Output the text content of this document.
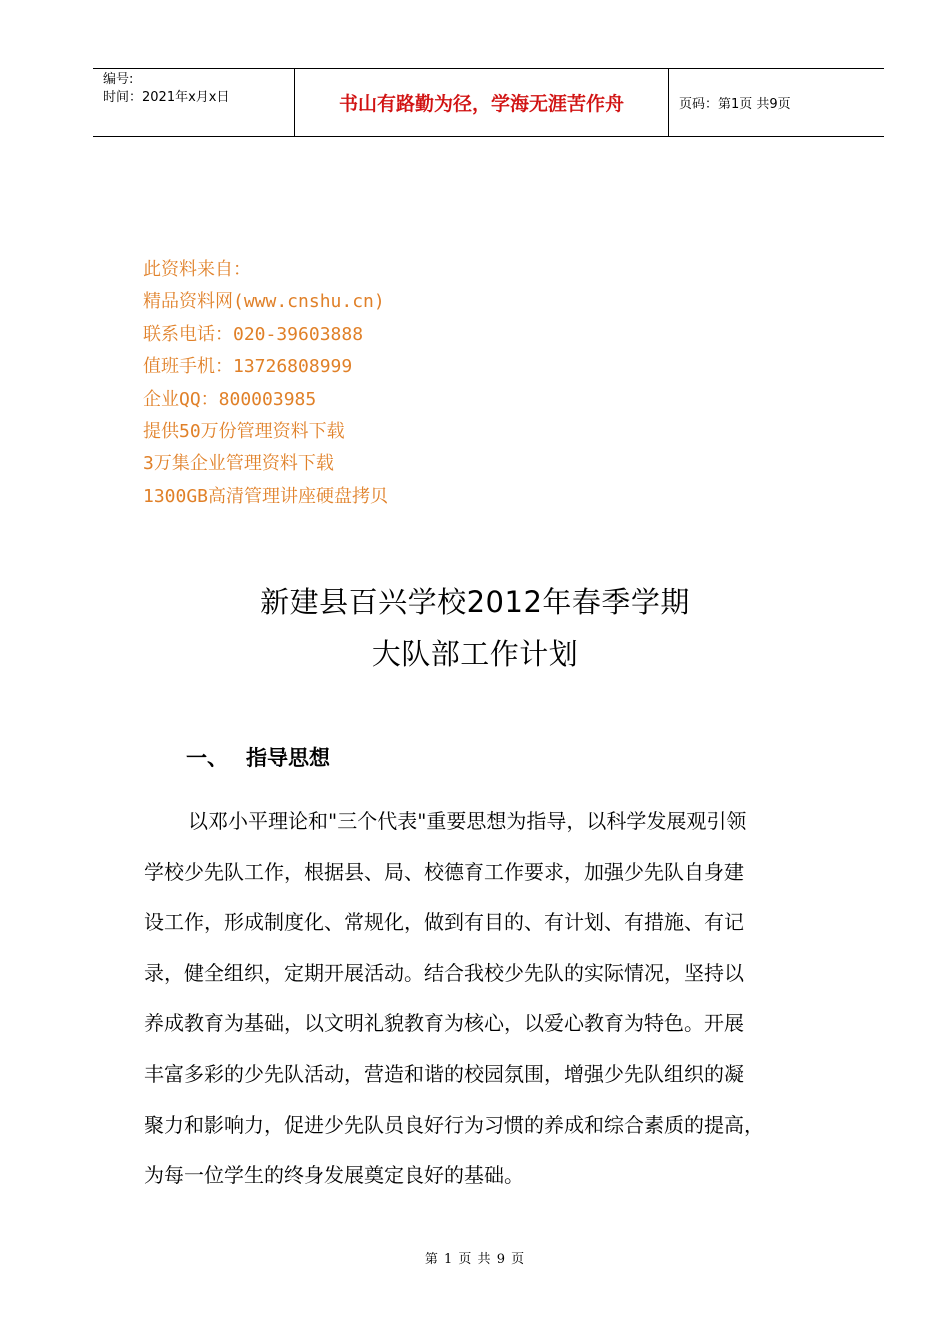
编号:
时间：2021年x月x日	书山有路勤为径，学海无涯苦作舟	页码：第1页 共9页
此资料来自：
精品资料网(www.cnshu.cn)
联系电话：020-39603888
值班手机：13726808999
企业QQ：800003985
提供50万份管理资料下载
3万集企业管理资料下载
1300GB高清管理讲座硬盘拷贝
新建县百兴学校2012年春季学期
大队部工作计划
一、 指导思想
以邓小平理论和"三个代表"重要思想为指导，以科学发展观引领
学校少先队工作，根据县、局、校德育工作要求，加强少先队自身建
设工作，形成制度化、常规化，做到有目的、有计划、有措施、有记
录，健全组织，定期开展活动。结合我校少先队的实际情况，坚持以
养成教育为基础，以文明礼貌教育为核心，以爱心教育为特色。开展
丰富多彩的少先队活动，营造和谐的校园氛围，增强少先队组织的凝
聚力和影响力，促进少先队员良好行为习惯的养成和综合素质的提高，
为每一位学生的终身发展奠定良好的基础。
第 1 页 共 9 页
